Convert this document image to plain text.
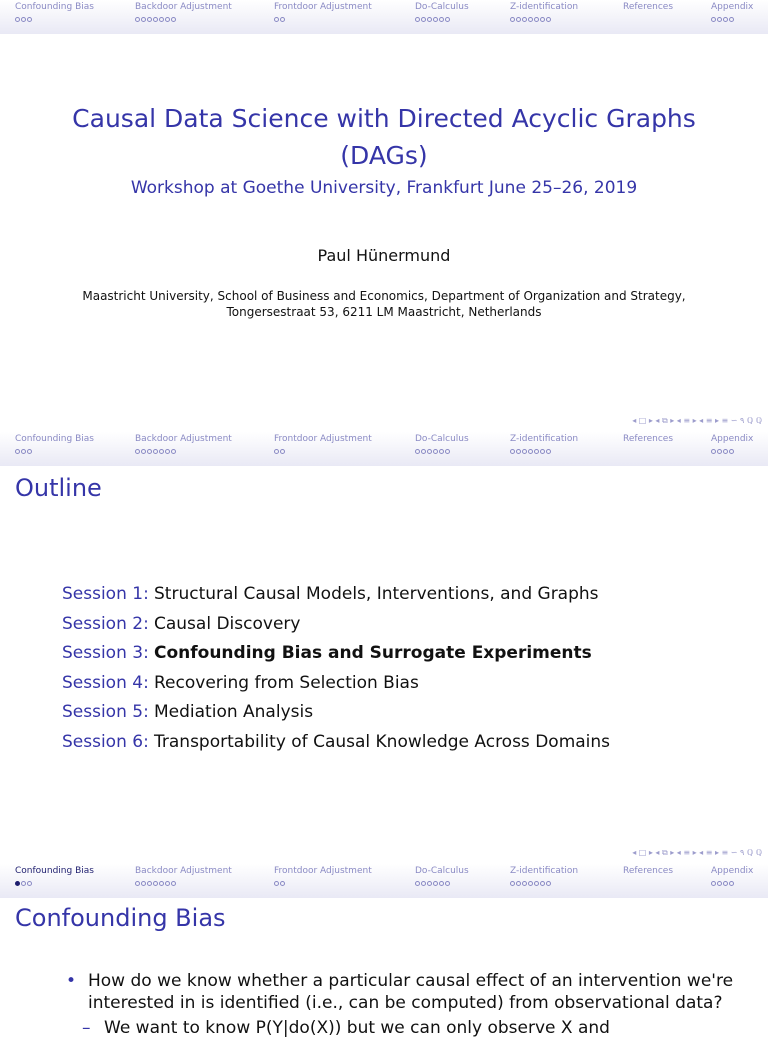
Confounding Bias	Backdoor Adjustment	Frontdoor Adjustment	Do-Calculus	Z-identification	References	Appendix
Causal Data Science with Directed Acyclic Graphs
(DAGs)
Workshop at Goethe University, Frankfurt June 25–26, 2019
Paul Hünermund
Maastricht University, School of Business and Economics, Department of Organization and Strategy,
Tongersestraat 53, 6211 LM Maastricht, Netherlands
◂ □ ▸ ◂ ⧉ ▸ ◂ ≡ ▸ ◂ ≡ ▸ ≡ ∽ ۹ ℚ ℚ
Confounding Bias	Backdoor Adjustment	Frontdoor Adjustment	Do-Calculus	Z-identification	References	Appendix
Outline
Session 1: Structural Causal Models, Interventions, and Graphs
Session 2: Causal Discovery
Session 3: Confounding Bias and Surrogate Experiments
Session 4: Recovering from Selection Bias
Session 5: Mediation Analysis
Session 6: Transportability of Causal Knowledge Across Domains
◂ □ ▸ ◂ ⧉ ▸ ◂ ≡ ▸ ◂ ≡ ▸ ≡ ∽ ۹ ℚ ℚ
Confounding Bias	Backdoor Adjustment	Frontdoor Adjustment	Do-Calculus	Z-identification	References	Appendix
Confounding Bias
• How do we know whether a particular causal effect of an intervention we're interested in is identified (i.e., can be computed) from observational data?
– We want to know P(Y|do(X)) but we can only observe X and
